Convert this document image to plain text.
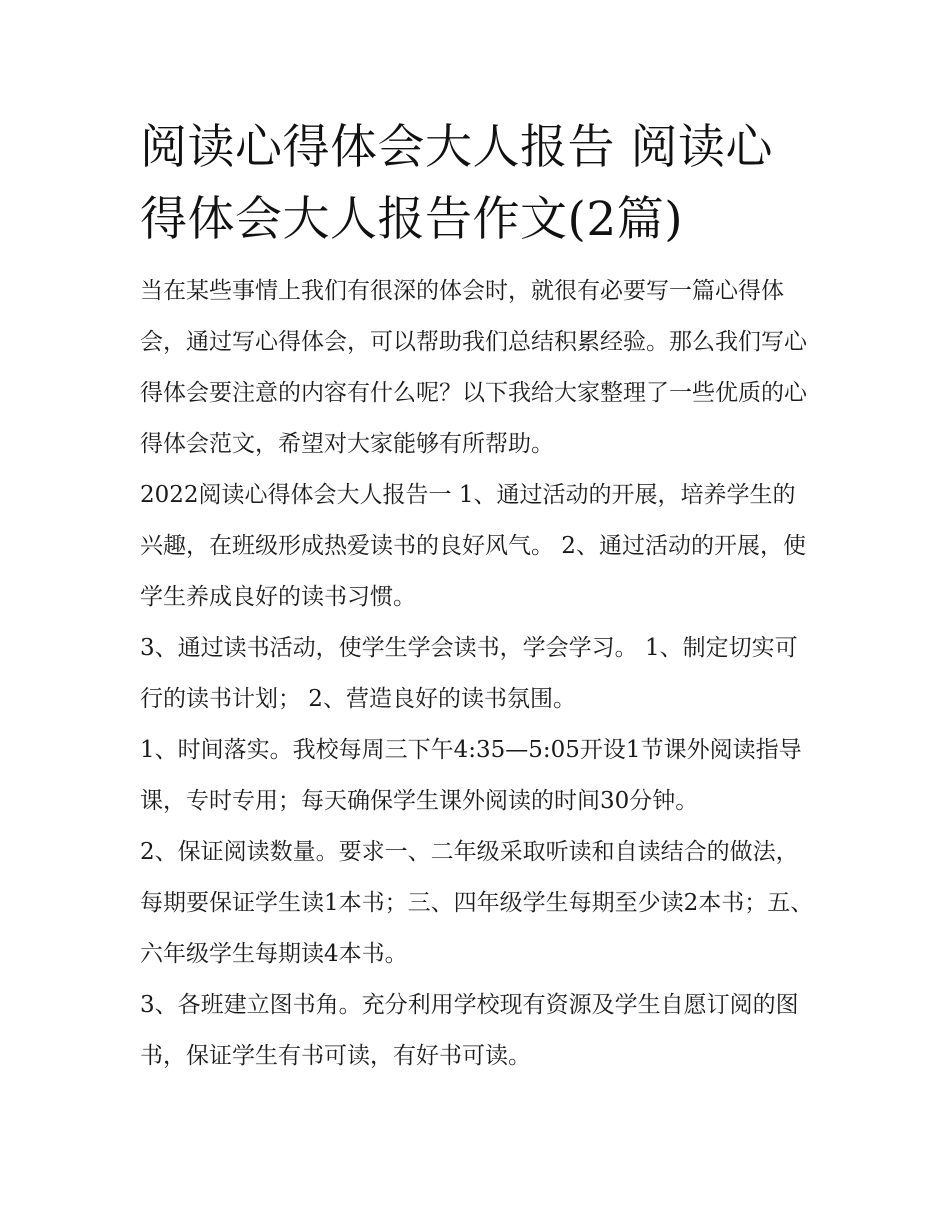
阅读心得体会大人报告 阅读心得体会大人报告作文(2篇)

当在某些事情上我们有很深的体会时，就很有必要写一篇心得体会，通过写心得体会，可以帮助我们总结积累经验。那么我们写心得体会要注意的内容有什么呢？以下我给大家整理了一些优质的心得体会范文，希望对大家能够有所帮助。

2022阅读心得体会大人报告一 1、通过活动的开展，培养学生的兴趣，在班级形成热爱读书的良好风气。 2、通过活动的开展，使学生养成良好的读书习惯。

3、通过读书活动，使学生学会读书，学会学习。 1、制定切实可行的读书计划； 2、营造良好的读书氛围。

1、时间落实。我校每周三下午4:35—5:05开设1节课外阅读指导课，专时专用；每天确保学生课外阅读的时间30分钟。

2、保证阅读数量。要求一、二年级采取听读和自读结合的做法，每期要保证学生读1本书；三、四年级学生每期至少读2本书；五、六年级学生每期读4本书。

3、各班建立图书角。充分利用学校现有资源及学生自愿订阅的图书，保证学生有书可读，有好书可读。
